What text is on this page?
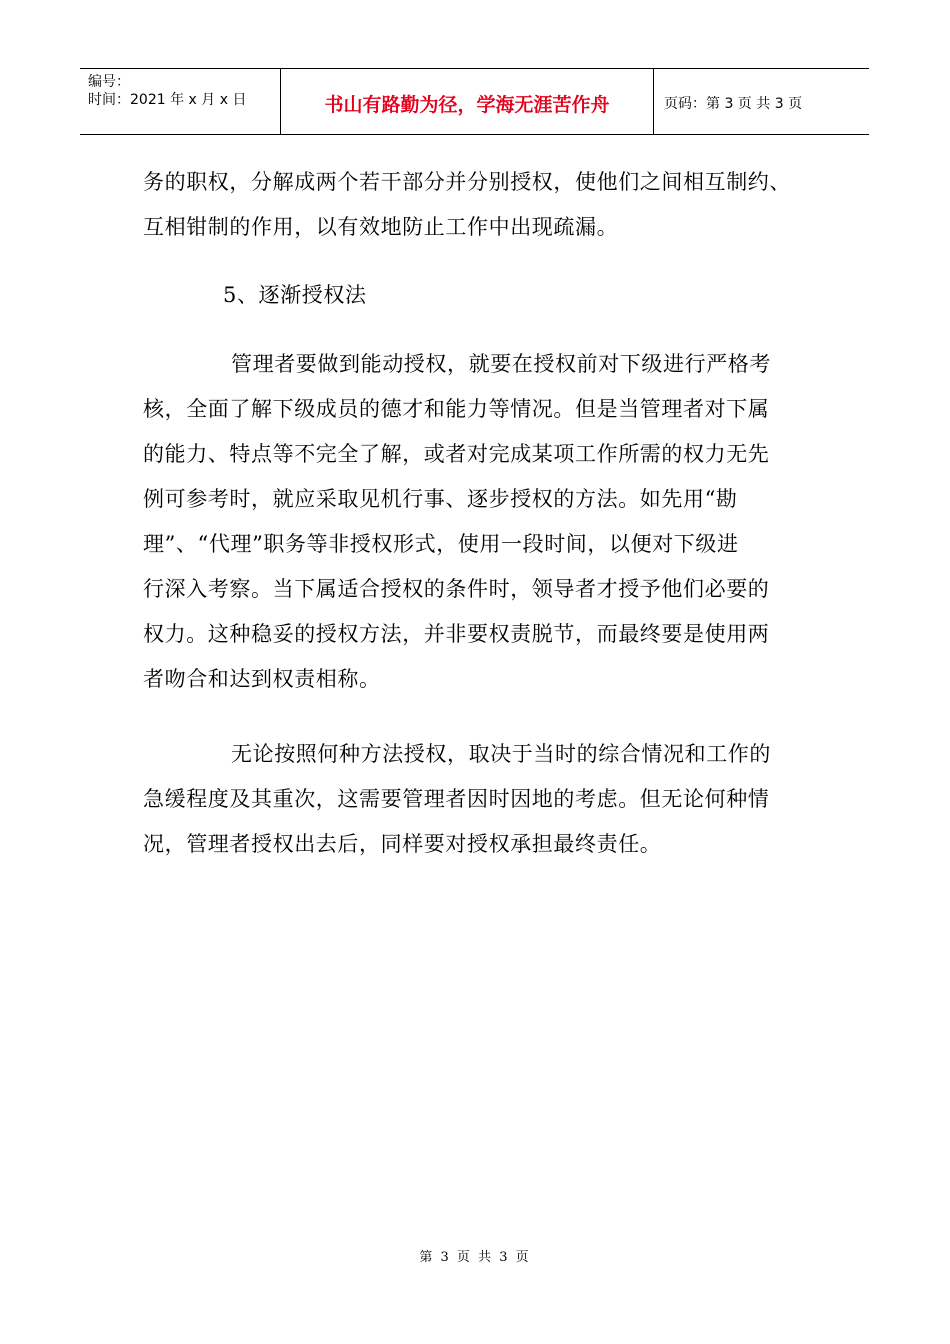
编号：
时间：2021 年 x 月 x 日	书山有路勤为径，学海无涯苦作舟	页码：第 3 页 共 3 页
务的职权，分解成两个若干部分并分别授权，使他们之间相互制约、
互相钳制的作用，以有效地防止工作中出现疏漏。
5、逐渐授权法
管理者要做到能动授权，就要在授权前对下级进行严格考
核，全面了解下级成员的德才和能力等情况。但是当管理者对下属
的能力、特点等不完全了解，或者对完成某项工作所需的权力无先
例可参考时，就应采取见机行事、逐步授权的方法。如先用“勘
理”、“代理”职务等非授权形式，使用一段时间，以便对下级进
行深入考察。当下属适合授权的条件时，领导者才授予他们必要的
权力。这种稳妥的授权方法，并非要权责脱节，而最终要是使用两
者吻合和达到权责相称。
无论按照何种方法授权，取决于当时的综合情况和工作的
急缓程度及其重次，这需要管理者因时因地的考虑。但无论何种情
况，管理者授权出去后，同样要对授权承担最终责任。
第 3 页 共 3 页
